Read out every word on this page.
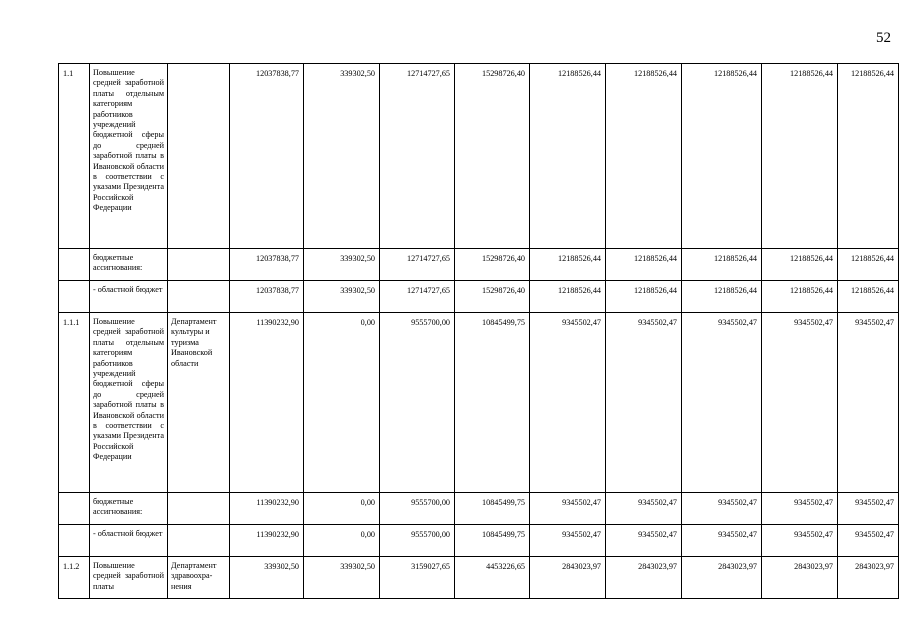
52
1.1	Повышение средней заработной платы отдельным категориям работников учреждений бюджетной сферы до средней заработной платы в Ивановской области в соответствии с указами Президента Российской Федерации		12037838,77	339302,50	12714727,65	15298726,40	12188526,44	12188526,44	12188526,44	12188526,44	12188526,44
	бюджетные ассигнования:		12037838,77	339302,50	12714727,65	15298726,40	12188526,44	12188526,44	12188526,44	12188526,44	12188526,44
	- областной бюджет		12037838,77	339302,50	12714727,65	15298726,40	12188526,44	12188526,44	12188526,44	12188526,44	12188526,44
1.1.1	Повышение средней заработной платы отдельным категориям работников учреждений бюджетной сферы до средней заработной платы в Ивановской области в соответствии с указами Президента Российской Федерации	Департамент культуры и туризма Ивановской области	11390232,90	0,00	9555700,00	10845499,75	9345502,47	9345502,47	9345502,47	9345502,47	9345502,47
	бюджетные ассигнования:		11390232,90	0,00	9555700,00	10845499,75	9345502,47	9345502,47	9345502,47	9345502,47	9345502,47
	- областной бюджет		11390232,90	0,00	9555700,00	10845499,75	9345502,47	9345502,47	9345502,47	9345502,47	9345502,47
1.1.2	Повышение средней заработной платы	Департамент здравоохра-нения	339302,50	339302,50	3159027,65	4453226,65	2843023,97	2843023,97	2843023,97	2843023,97	2843023,97
